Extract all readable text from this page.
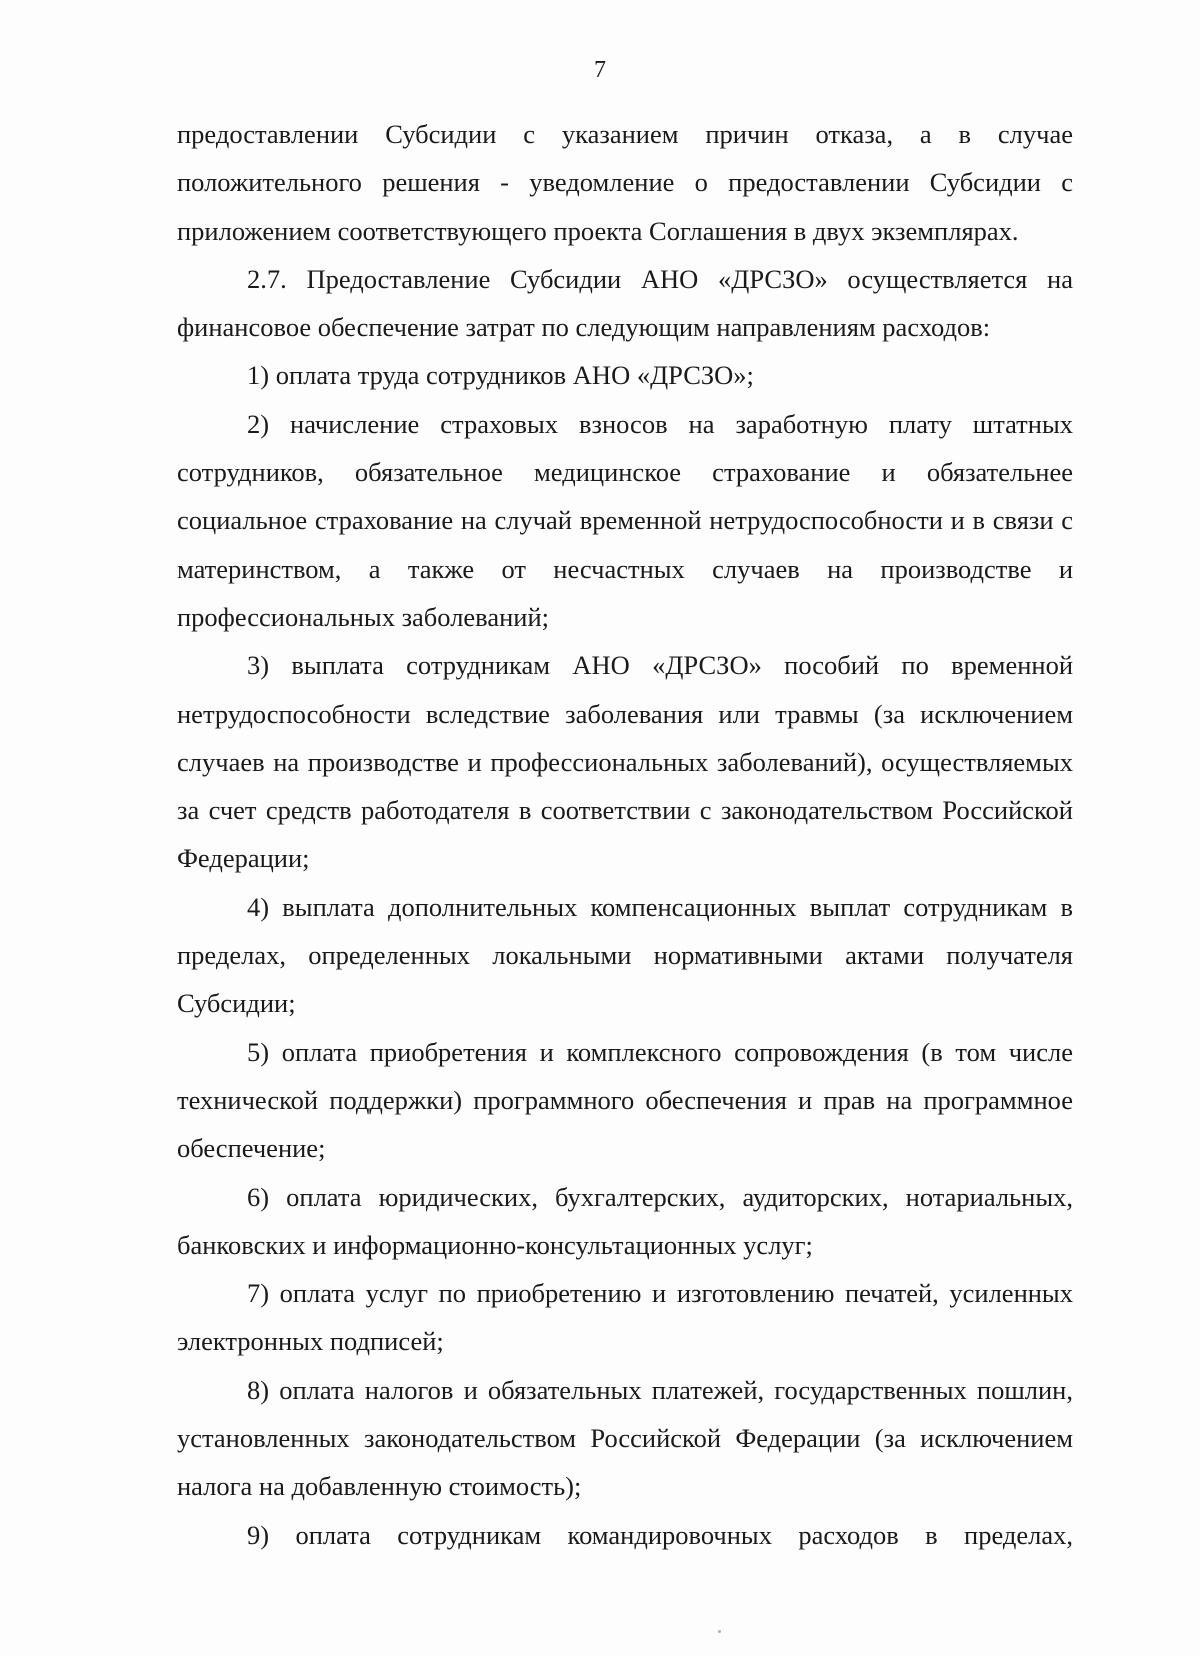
7

предоставлении Субсидии с указанием причин отказа, а в случае положительного решения - уведомление о предоставлении Субсидии с приложением соответствующего проекта Соглашения в двух экземплярах.

2.7. Предоставление Субсидии АНО «ДРСЗО» осуществляется на финансовое обеспечение затрат по следующим направлениям расходов:

1) оплата труда сотрудников АНО «ДРСЗО»;

2) начисление страховых взносов на заработную плату штатных сотрудников, обязательное медицинское страхование и обязательнее социальное страхование на случай временной нетрудоспособности и в связи с материнством, а также от несчастных случаев на производстве и профессиональных заболеваний;

3) выплата сотрудникам АНО «ДРСЗО» пособий по временной нетрудоспособности вследствие заболевания или травмы (за исключением случаев на производстве и профессиональных заболеваний), осуществляемых за счет средств работодателя в соответствии с законодательством Российской Федерации;

4) выплата дополнительных компенсационных выплат сотрудникам в пределах, определенных локальными нормативными актами получателя Субсидии;

5) оплата приобретения и комплексного сопровождения (в том числе технической поддержки) программного обеспечения и прав на программное обеспечение;

6) оплата юридических, бухгалтерских, аудиторских, нотариальных, банковских и информационно-консультационных услуг;

7) оплата услуг по приобретению и изготовлению печатей, усиленных электронных подписей;

8) оплата налогов и обязательных платежей, государственных пошлин, установленных законодательством Российской Федерации (за исключением налога на добавленную стоимость);

9) оплата сотрудникам командировочных расходов в пределах,
